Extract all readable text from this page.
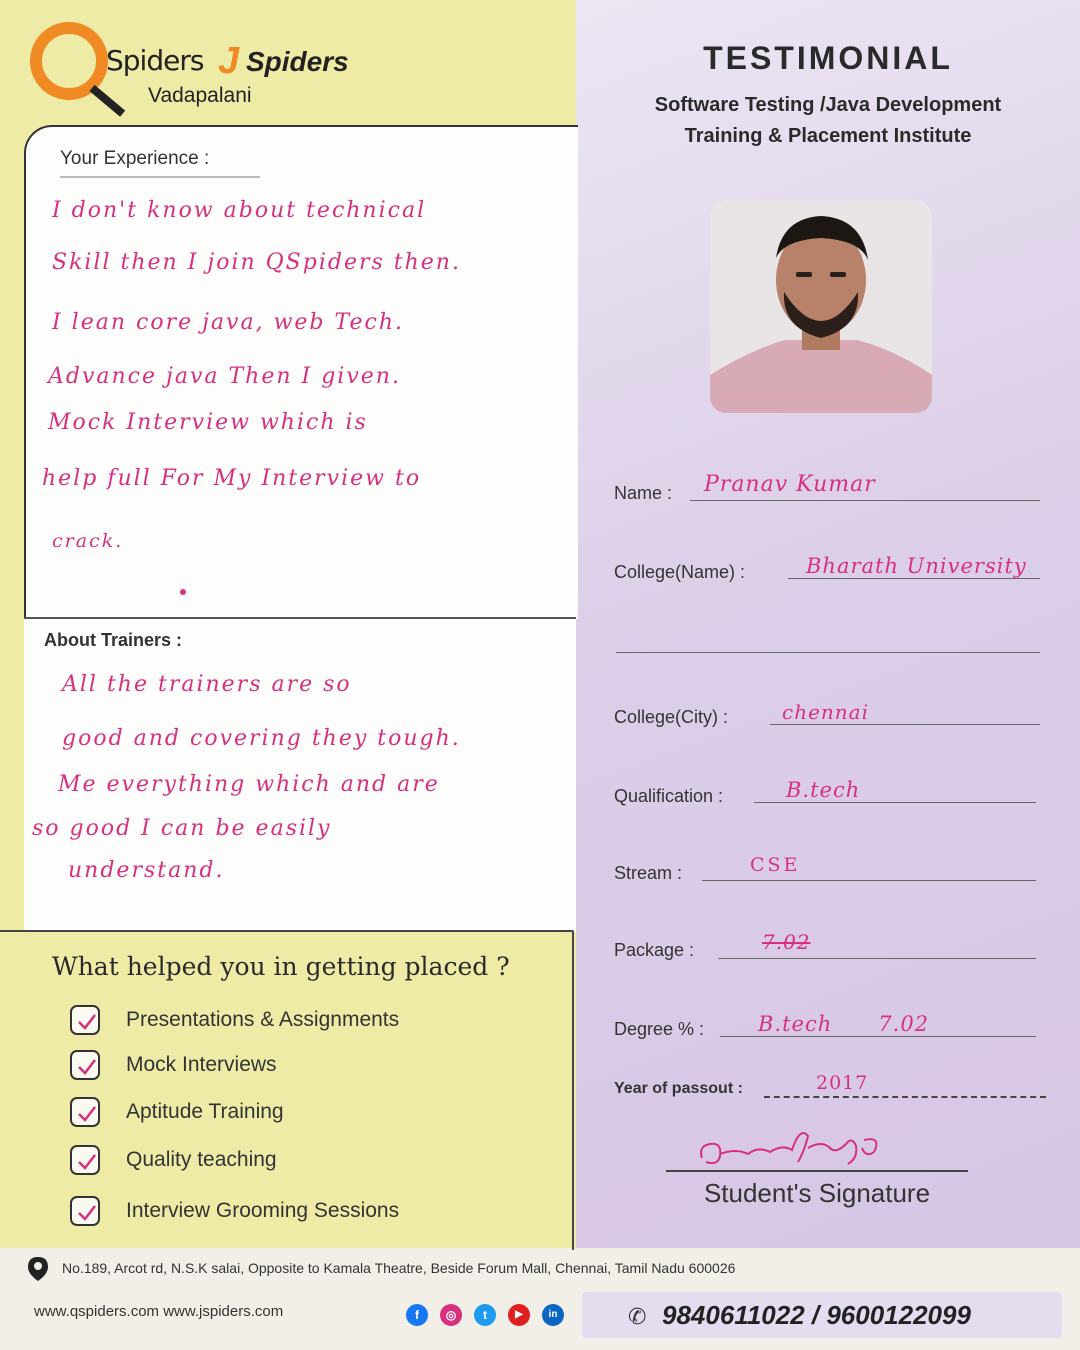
Spiders J Spiders
Vadapalani
TESTIMONIAL
Software Testing /Java Development
Training & Placement Institute
Your Experience :
I don't know about technical
Skill then I join QSpiders then.
I lean core java, web Tech.
Advance java Then I given.
Mock Interview which is
help full For My Interview to
crack.
About Trainers :
All the trainers are so
good and covering they tough.
Me everything which and are
so good I can be easily
understand.
What helped you in getting placed ?
Presentations & Assignments
Mock Interviews
Aptitude Training
Quality teaching
Interview Grooming Sessions
Name : Pranav Kumar
College(Name) :	Bharath University
College(City) :	chennai
Qualification :	B.tech
Stream :	CSE
Package :	7.02
Degree % :	B.tech      7.02
Year of passout :	2017
Student's Signature
No.189, Arcot rd, N.S.K salai, Opposite to Kamala Theatre, Beside Forum Mall, Chennai, Tamil Nadu 600026
www.qspiders.com www.jspiders.com	f	◎	t	▶	in	✆ 9840611022 / 9600122099
